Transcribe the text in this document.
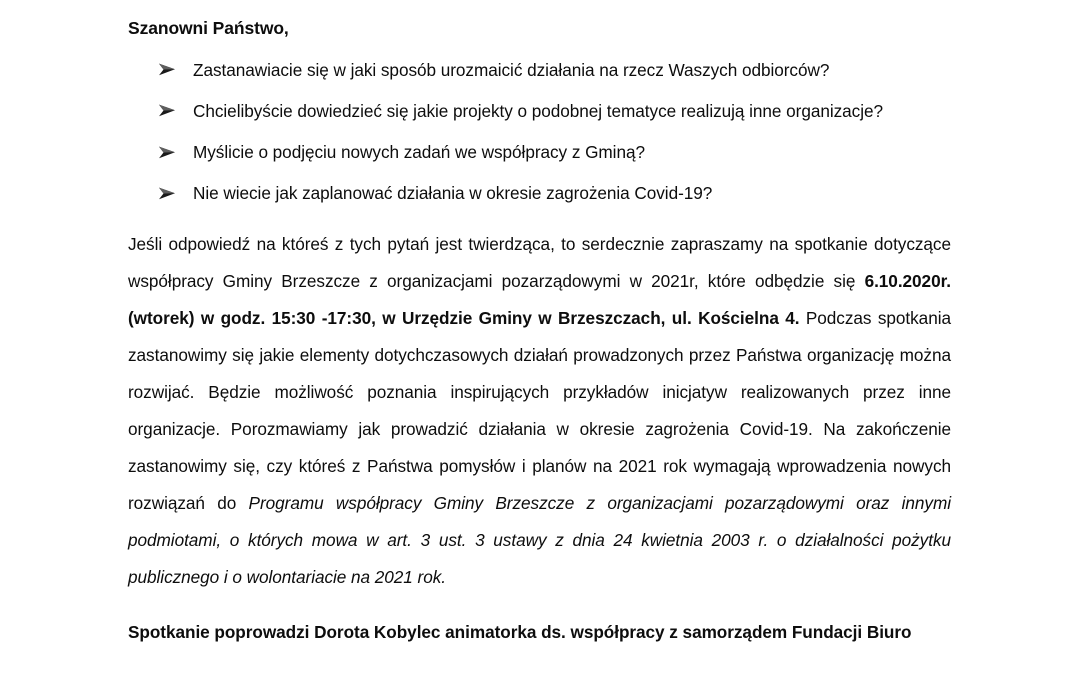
Szanowni Państwo,

Zastanawiacie się w jaki sposób urozmaicić działania na rzecz Waszych odbiorców?
Chcielibyście dowiedzieć się jakie projekty o podobnej tematyce realizują inne organizacje?
Myślicie o podjęciu nowych zadań we współpracy z Gminą?
Nie wiecie jak zaplanować działania w okresie zagrożenia Covid-19?

Jeśli odpowiedź na któreś z tych pytań jest twierdząca, to serdecznie zapraszamy na spotkanie dotyczące współpracy Gminy Brzeszcze z organizacjami pozarządowymi w 2021r, które odbędzie się 6.10.2020r.(wtorek) w godz. 15:30 -17:30, w Urzędzie Gminy w Brzeszczach, ul. Kościelna 4. Podczas spotkania zastanowimy się jakie elementy dotychczasowych działań prowadzonych przez Państwa organizację można rozwijać. Będzie możliwość poznania inspirujących przykładów inicjatyw realizowanych przez inne organizacje. Porozmawiamy jak prowadzić działania w okresie zagrożenia Covid-19. Na zakończenie zastanowimy się, czy któreś z Państwa pomysłów i planów na 2021 rok wymagają wprowadzenia nowych rozwiązań do Programu współpracy Gminy Brzeszcze z organizacjami pozarządowymi oraz innymi podmiotami, o których mowa w art. 3 ust. 3 ustawy z dnia 24 kwietnia 2003 r. o działalności pożytku publicznego i o wolontariacie na 2021 rok.

Spotkanie poprowadzi Dorota Kobylec animatorka ds. współpracy z samorządem Fundacji Biuro
